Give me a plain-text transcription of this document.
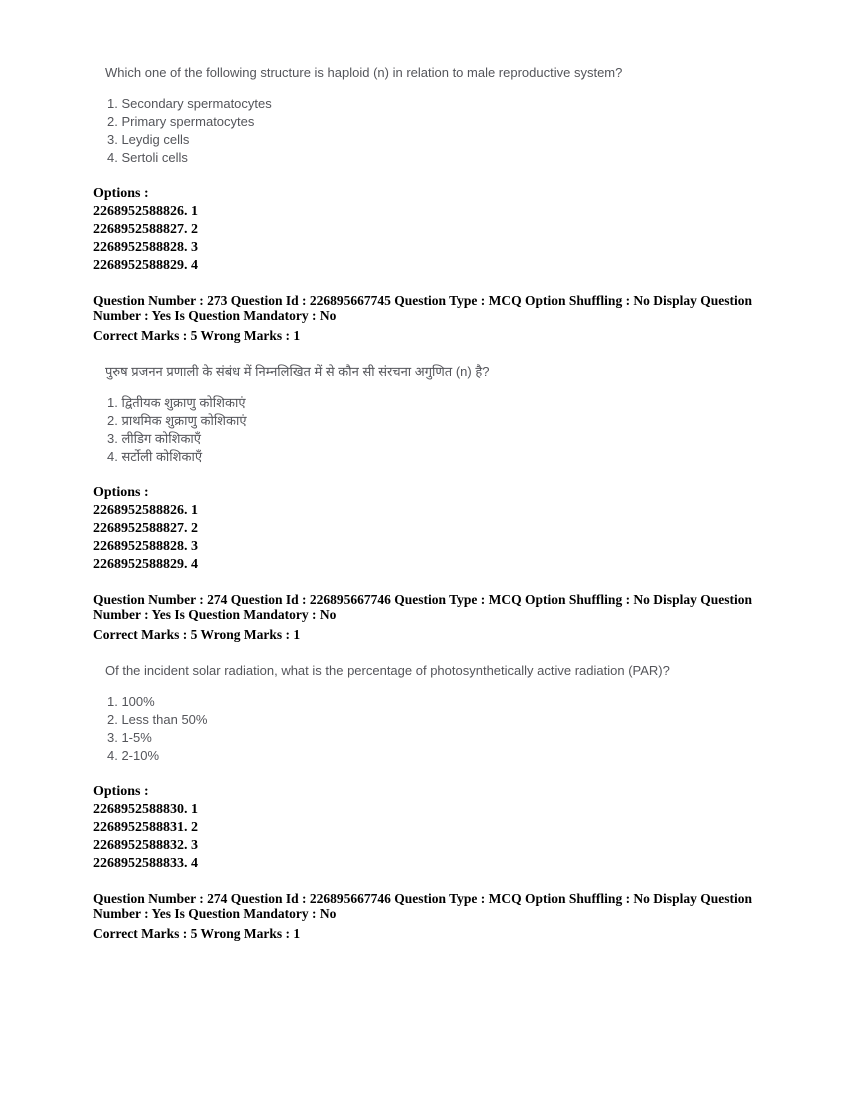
Which one of the following structure is haploid (n) in relation to male reproductive system?

1. Secondary spermatocytes
2. Primary spermatocytes
3. Leydig cells
4. Sertoli cells
Options :
2268952588826. 1
2268952588827. 2
2268952588828. 3
2268952588829. 4

Question Number : 273 Question Id : 226895667745 Question Type : MCQ Option Shuffling : No Display Question Number : Yes Is Question Mandatory : No

Correct Marks : 5 Wrong Marks : 1

पुरुष प्रजनन प्रणाली के संबंध में निम्नलिखित में से कौन सी संरचना अगुणित (n) है?

1. द्वितीयक शुक्राणु कोशिकाएं
2. प्राथमिक शुक्राणु कोशिकाएं
3. लीडिग कोशिकाएँ
4. सर्टोली कोशिकाएँ
Options :
2268952588826. 1
2268952588827. 2
2268952588828. 3
2268952588829. 4

Question Number : 274 Question Id : 226895667746 Question Type : MCQ Option Shuffling : No Display Question Number : Yes Is Question Mandatory : No

Correct Marks : 5 Wrong Marks : 1

Of the incident solar radiation, what is the percentage of photosynthetically active radiation (PAR)?

1. 100%
2. Less than 50%
3. 1-5%
4. 2-10%
Options :
2268952588830. 1
2268952588831. 2
2268952588832. 3
2268952588833. 4

Question Number : 274 Question Id : 226895667746 Question Type : MCQ Option Shuffling : No Display Question Number : Yes Is Question Mandatory : No

Correct Marks : 5 Wrong Marks : 1
